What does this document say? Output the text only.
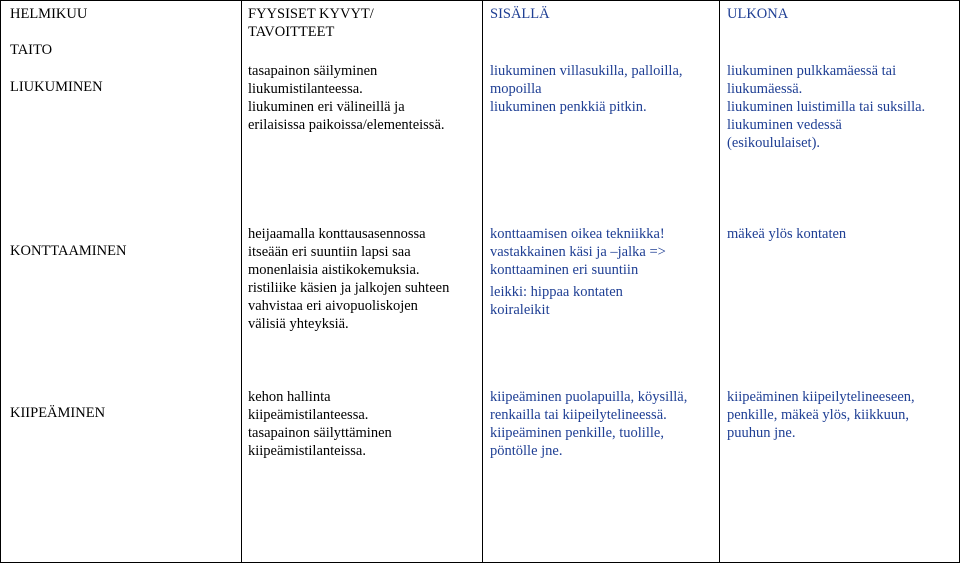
HELMIKUU
TAITO
FYYSISET KYVYT/
TAVOITTEET
SISÄLLÄ	ULKONA
LIUKUMINEN
tasapainon säilyminen
liukumistilanteessa.
liukuminen eri välineillä ja
erilaisissa paikoissa/elementeissä.
liukuminen villasukilla, palloilla,
mopoilla
liukuminen penkkiä pitkin.
liukuminen pulkkamäessä tai
liukumäessä.
liukuminen luistimilla tai suksilla.
liukuminen vedessä
(esikoululaiset).
KONTTAAMINEN
heijaamalla konttausasennossa
itseään eri suuntiin lapsi saa
monenlaisia aistikokemuksia.
ristiliike käsien ja jalkojen suhteen
vahvistaa eri aivopuoliskojen
välisiä yhteyksiä.
konttaamisen oikea tekniikka!
vastakkainen käsi ja –jalka =>
konttaaminen eri suuntiin
leikki: hippaa kontaten
koiraleikit
mäkeä ylös kontaten
KIIPEÄMINEN
kehon hallinta
kiipeämistilanteessa.
tasapainon säilyttäminen
kiipeämistilanteissa.
kiipeäminen puolapuilla, köysillä,
renkailla tai kiipeilytelineessä.
kiipeäminen penkille, tuolille,
pöntölle jne.
kiipeäminen kiipeilytelineeseen,
penkille, mäkeä ylös, kiikkuun,
puuhun jne.
